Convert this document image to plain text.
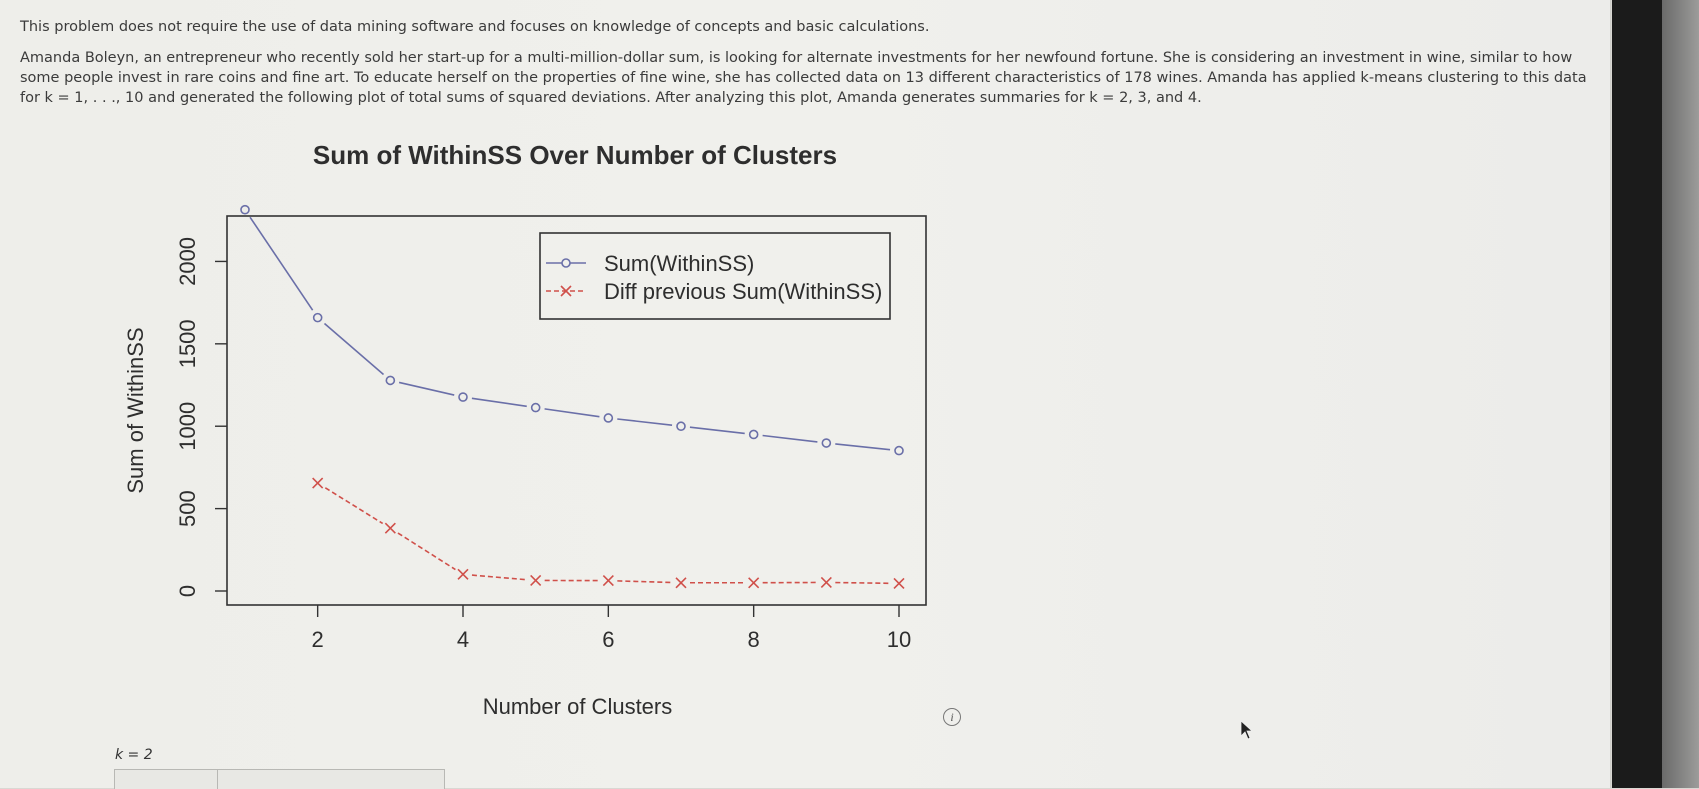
This problem does not require the use of data mining software and focuses on knowledge of concepts and basic calculations.

Amanda Boleyn, an entrepreneur who recently sold her start-up for a multi-million-dollar sum, is looking for alternate investments for her newfound fortune. She is considering an investment in wine, similar to how some people invest in rare coins and fine art. To educate herself on the properties of fine wine, she has collected data on 13 different characteristics of 178 wines. Amanda has applied k-means clustering to this data for k = 1, . . ., 10 and generated the following plot of total sums of squared deviations. After analyzing this plot, Amanda generates summaries for k = 2, 3, and 4.

Sum of WithinSS Over Number of Clusters
2	4	6	8	10
0
500
1000
1500
2000
Number of Clusters
Sum of WithinSS
Sum(WithinSS)
Diff previous Sum(WithinSS)
i
k = 2
